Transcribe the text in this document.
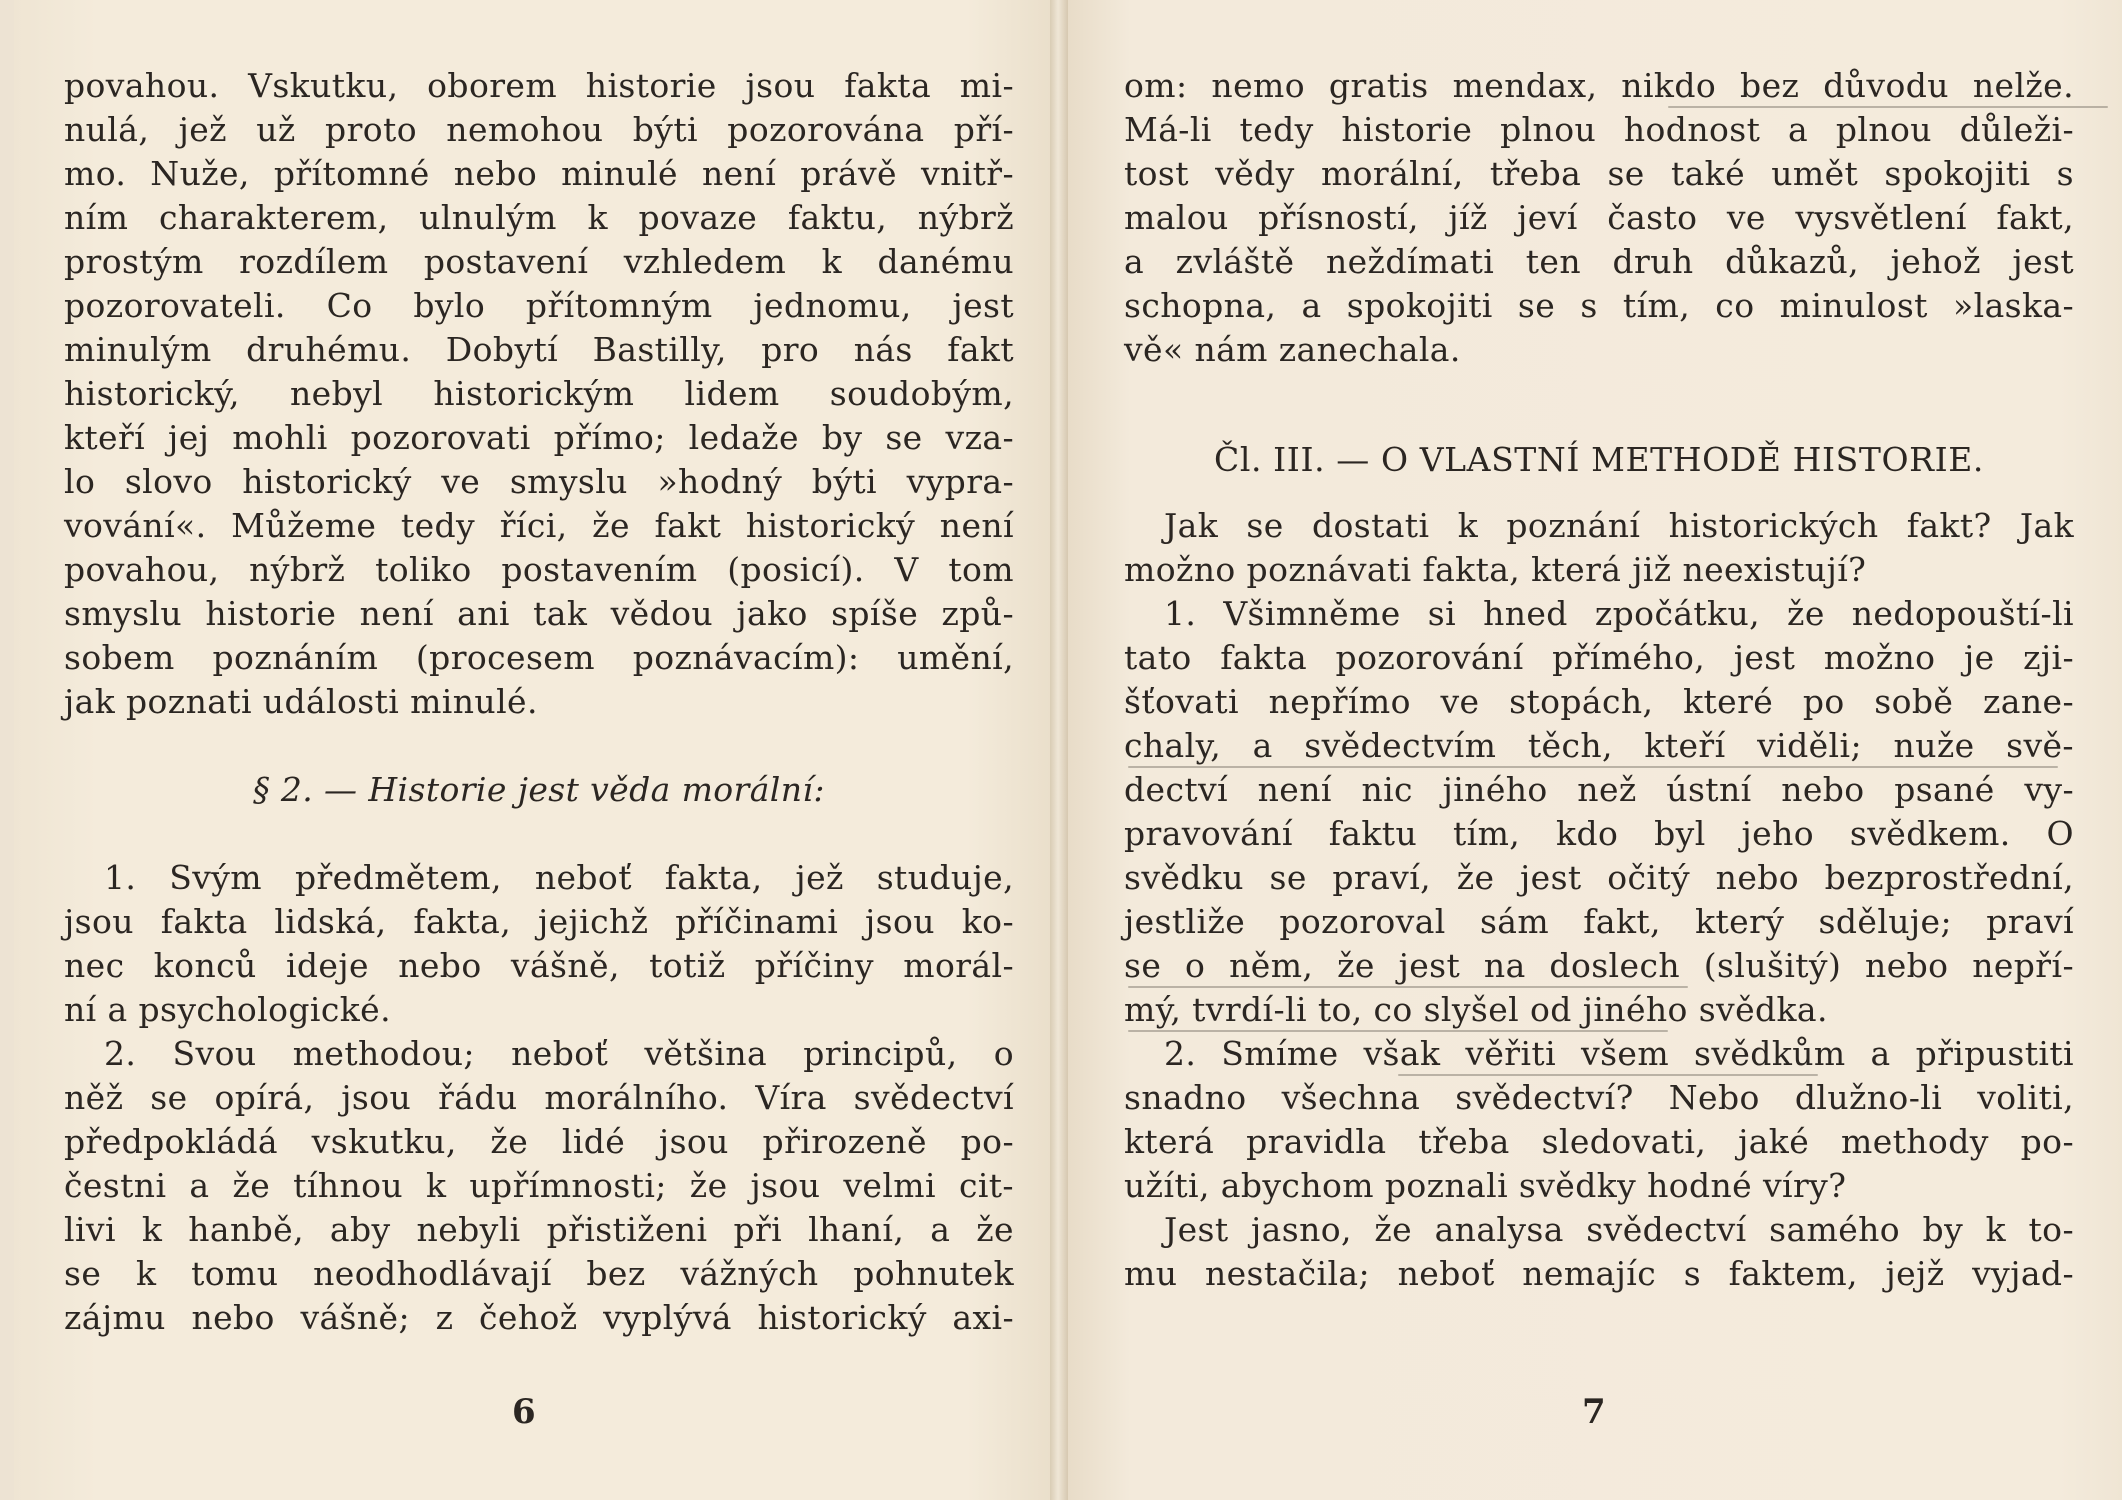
povahou. Vskutku, oborem historie jsou fakta mi-
nulá, jež už proto nemohou býti pozorována pří-
mo. Nuže, přítomné nebo minulé není právě vnitř-
ním charakterem, ulnulým k povaze faktu, nýbrž
prostým rozdílem postavení vzhledem k danému
pozorovateli. Co bylo přítomným jednomu, jest
minulým druhému. Dobytí Bastilly, pro nás fakt
historický, nebyl historickým lidem soudobým,
kteří jej mohli pozorovati přímo; ledaže by se vza-
lo slovo historický ve smyslu »hodný býti vypra-
vování«. Můžeme tedy říci, že fakt historický není
povahou, nýbrž toliko postavením (posicí). V tom
smyslu historie není ani tak vědou jako spíše způ-
sobem poznáním (procesem poznávacím): umění,
jak poznati události minulé.
§ 2. — Historie jest věda morální:
1. Svým předmětem, neboť fakta, jež studuje,
jsou fakta lidská, fakta, jejichž příčinami jsou ko-
nec konců ideje nebo vášně, totiž příčiny morál-
ní a psychologické.
2. Svou methodou; neboť většina principů, o
něž se opírá, jsou řádu morálního. Víra svědectví
předpokládá vskutku, že lidé jsou přirozeně po-
čestni a že tíhnou k upřímnosti; že jsou velmi cit-
livi k hanbě, aby nebyli přistiženi při lhaní, a že
se k tomu neodhodlávají bez vážných pohnutek
zájmu nebo vášně; z čehož vyplývá historický axi-
6
om: nemo gratis mendax, nikdo bez důvodu nelže.
Má-li tedy historie plnou hodnost a plnou důleži-
tost vědy morální, třeba se také umět spokojiti s
malou přísností, jíž jeví často ve vysvětlení fakt,
a zvláště neždímati ten druh důkazů, jehož jest
schopna, a spokojiti se s tím, co minulost »laska-
vě« nám zanechala.
Čl. III. — O VLASTNÍ METHODĚ HISTORIE.
Jak se dostati k poznání historických fakt? Jak
možno poznávati fakta, která již neexistují?
1. Všimněme si hned zpočátku, že nedopouští-li
tato fakta pozorování přímého, jest možno je zji-
šťovati nepřímo ve stopách, které po sobě zane-
chaly, a svědectvím těch, kteří viděli; nuže svě-
dectví není nic jiného než ústní nebo psané vy-
pravování faktu tím, kdo byl jeho svědkem. O
svědku se praví, že jest očitý nebo bezprostřední,
jestliže pozoroval sám fakt, který sděluje; praví
se o něm, že jest na doslech (slušitý) nebo nepří-
mý, tvrdí-li to, co slyšel od jiného svědka.
2. Smíme však věřiti všem svědkům a připustiti
snadno všechna svědectví? Nebo dlužno-li voliti,
která pravidla třeba sledovati, jaké methody po-
užíti, abychom poznali svědky hodné víry?
Jest jasno, že analysa svědectví samého by k to-
mu nestačila; neboť nemajíc s faktem, jejž vyjad-
7
